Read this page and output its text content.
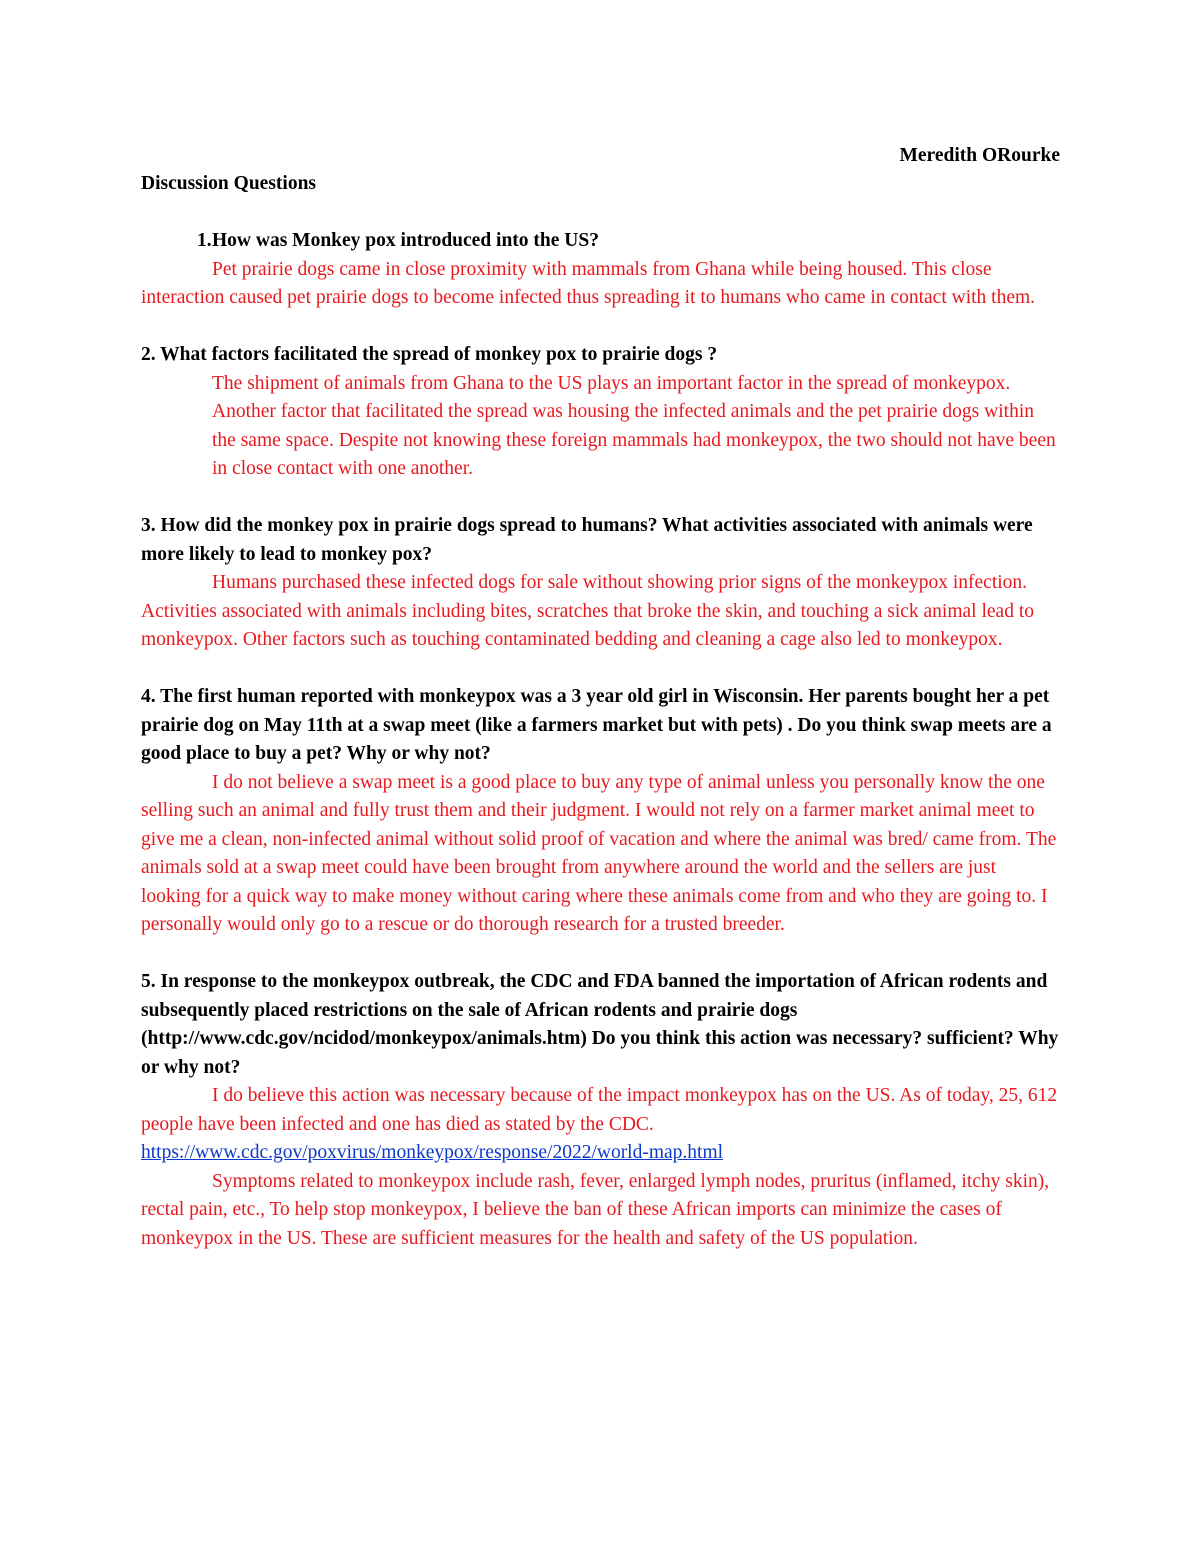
Meredith ORourke
Discussion Questions
1. How was Monkey pox introduced into the US?

Pet prairie dogs came in close proximity with mammals from Ghana while being housed. This close interaction caused pet prairie dogs to become infected thus spreading it to humans who came in contact with them.

2. What factors facilitated the spread of monkey pox to prairie dogs ?

The shipment of animals from Ghana to the US plays an important factor in the spread of monkeypox. Another factor that facilitated the spread was housing the infected animals and the pet prairie dogs within the same space. Despite not knowing these foreign mammals had monkeypox, the two should not have been in close contact with one another.

3. How did the monkey pox in prairie dogs spread to humans? What activities associated with animals were more likely to lead to monkey pox?

Humans purchased these infected dogs for sale without showing prior signs of the monkeypox infection. Activities associated with animals including bites, scratches that broke the skin, and touching a sick animal lead to monkeypox. Other factors such as touching contaminated bedding and cleaning a cage also led to monkeypox.

4. The first human reported with monkeypox was a 3 year old girl in Wisconsin. Her parents bought her a pet prairie dog on May 11th at a swap meet (like a farmers market but with pets) . Do you think swap meets are a good place to buy a pet? Why or why not?

I do not believe a swap meet is a good place to buy any type of animal unless you personally know the one selling such an animal and fully trust them and their judgment. I would not rely on a farmer market animal meet to give me a clean, non-infected animal without solid proof of vacation and where the animal was bred/ came from. The animals sold at a swap meet could have been brought from anywhere around the world and the sellers are just looking for a quick way to make money without caring where these animals come from and who they are going to. I personally would only go to a rescue or do thorough research for a trusted breeder.

5. In response to the monkeypox outbreak, the CDC and FDA banned the importation of African rodents and subsequently placed restrictions on the sale of African rodents and prairie dogs (http://www.cdc.gov/ncidod/monkeypox/animals.htm) Do you think this action was necessary? sufficient? Why or why not?

I do believe this action was necessary because of the impact monkeypox has on the US. As of today, 25, 612 people have been infected and one has died as stated by the CDC.

https://www.cdc.gov/poxvirus/monkeypox/response/2022/world-map.html

Symptoms related to monkeypox include rash, fever, enlarged lymph nodes, pruritus (inflamed, itchy skin), rectal pain, etc., To help stop monkeypox, I believe the ban of these African imports can minimize the cases of monkeypox in the US. These are sufficient measures for the health and safety of the US population.
